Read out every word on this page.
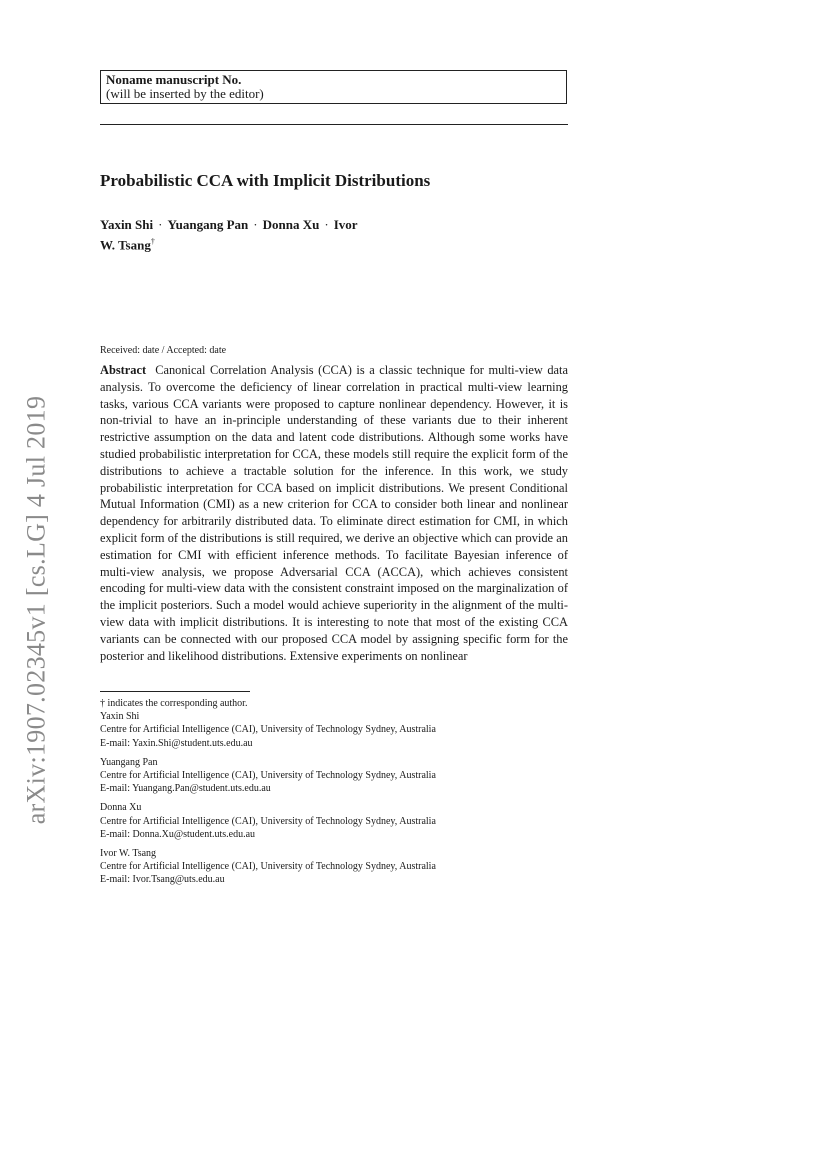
arXiv:1907.02345v1 [cs.LG] 4 Jul 2019
Noname manuscript No.
(will be inserted by the editor)
Probabilistic CCA with Implicit Distributions
Yaxin Shi · Yuangang Pan · Donna Xu · Ivor
W. Tsang†
Received: date / Accepted: date

Abstract Canonical Correlation Analysis (CCA) is a classic technique for multi-view data analysis. To overcome the deficiency of linear correlation in practical multi-view learning tasks, various CCA variants were proposed to capture nonlinear dependency. However, it is non-trivial to have an in-principle understanding of these variants due to their inherent restrictive assumption on the data and latent code distributions. Although some works have studied probabilistic interpretation for CCA, these models still require the explicit form of the distributions to achieve a tractable solution for the inference. In this work, we study probabilistic interpretation for CCA based on implicit distributions. We present Conditional Mutual Information (CMI) as a new criterion for CCA to consider both linear and nonlinear dependency for arbitrarily distributed data. To eliminate direct estimation for CMI, in which explicit form of the distributions is still required, we derive an objective which can provide an estimation for CMI with efficient inference methods. To facilitate Bayesian inference of multi-view analysis, we propose Adversarial CCA (ACCA), which achieves consistent encoding for multi-view data with the consistent constraint imposed on the marginalization of the implicit posteriors. Such a model would achieve superiority in the alignment of the multi-view data with implicit distributions. It is interesting to note that most of the existing CCA variants can be connected with our proposed CCA model by assigning specific form for the posterior and likelihood distributions. Extensive experiments on nonlinear

† indicates the corresponding author.
Yaxin Shi
Centre for Artificial Intelligence (CAI), University of Technology Sydney, Australia
E-mail: Yaxin.Shi@student.uts.edu.au
Yuangang Pan
Centre for Artificial Intelligence (CAI), University of Technology Sydney, Australia
E-mail: Yuangang.Pan@student.uts.edu.au
Donna Xu
Centre for Artificial Intelligence (CAI), University of Technology Sydney, Australia
E-mail: Donna.Xu@student.uts.edu.au
Ivor W. Tsang
Centre for Artificial Intelligence (CAI), University of Technology Sydney, Australia
E-mail: Ivor.Tsang@uts.edu.au
